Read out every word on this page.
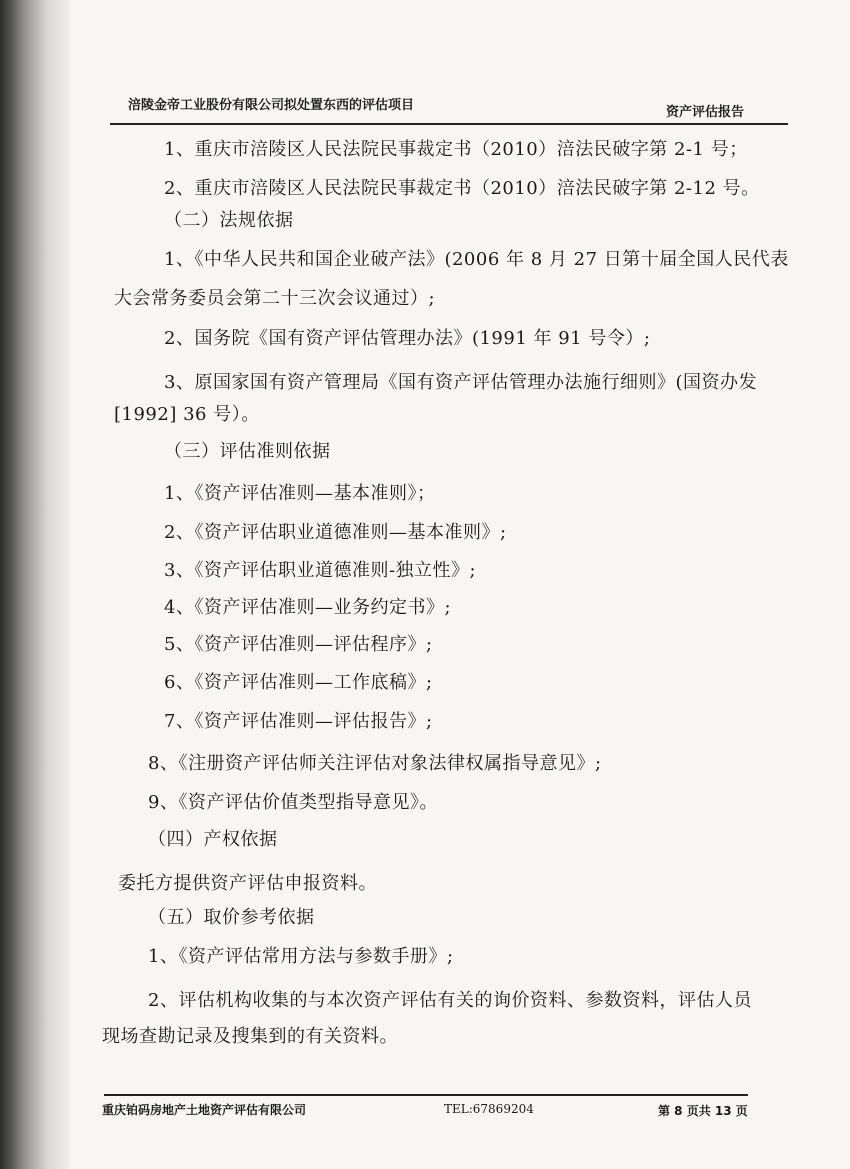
涪陵金帝工业股份有限公司拟处置东西的评估项目	资产评估报告
1、重庆市涪陵区人民法院民事裁定书（2010）涪法民破字第 2-1 号；
2、重庆市涪陵区人民法院民事裁定书（2010）涪法民破字第 2-12 号。
（二）法规依据
1、《中华人民共和国企业破产法》(2006 年 8 月 27 日第十届全国人民代表
大会常务委员会第二十三次会议通过）;
2、国务院《国有资产评估管理办法》(1991 年 91 号令）;
3、原国家国有资产管理局《国有资产评估管理办法施行细则》(国资办发
[1992] 36 号）。
（三）评估准则依据
1、《资产评估准则—基本准则》；
2、《资产评估职业道德准则—基本准则》;
3、《资产评估职业道德准则-独立性》;
4、《资产评估准则—业务约定书》;
5、《资产评估准则—评估程序》;
6、《资产评估准则—工作底稿》;
7、《资产评估准则—评估报告》;
8、《注册资产评估师关注评估对象法律权属指导意见》;
9、《资产评估价值类型指导意见》。
（四）产权依据
委托方提供资产评估申报资料。
（五）取价参考依据
1、《资产评估常用方法与参数手册》;
2、评估机构收集的与本次资产评估有关的询价资料、参数资料，评估人员
现场查勘记录及搜集到的有关资料。
重庆铂码房地产土地资产评估有限公司	TEL:67869204	第 8 页共 13 页
